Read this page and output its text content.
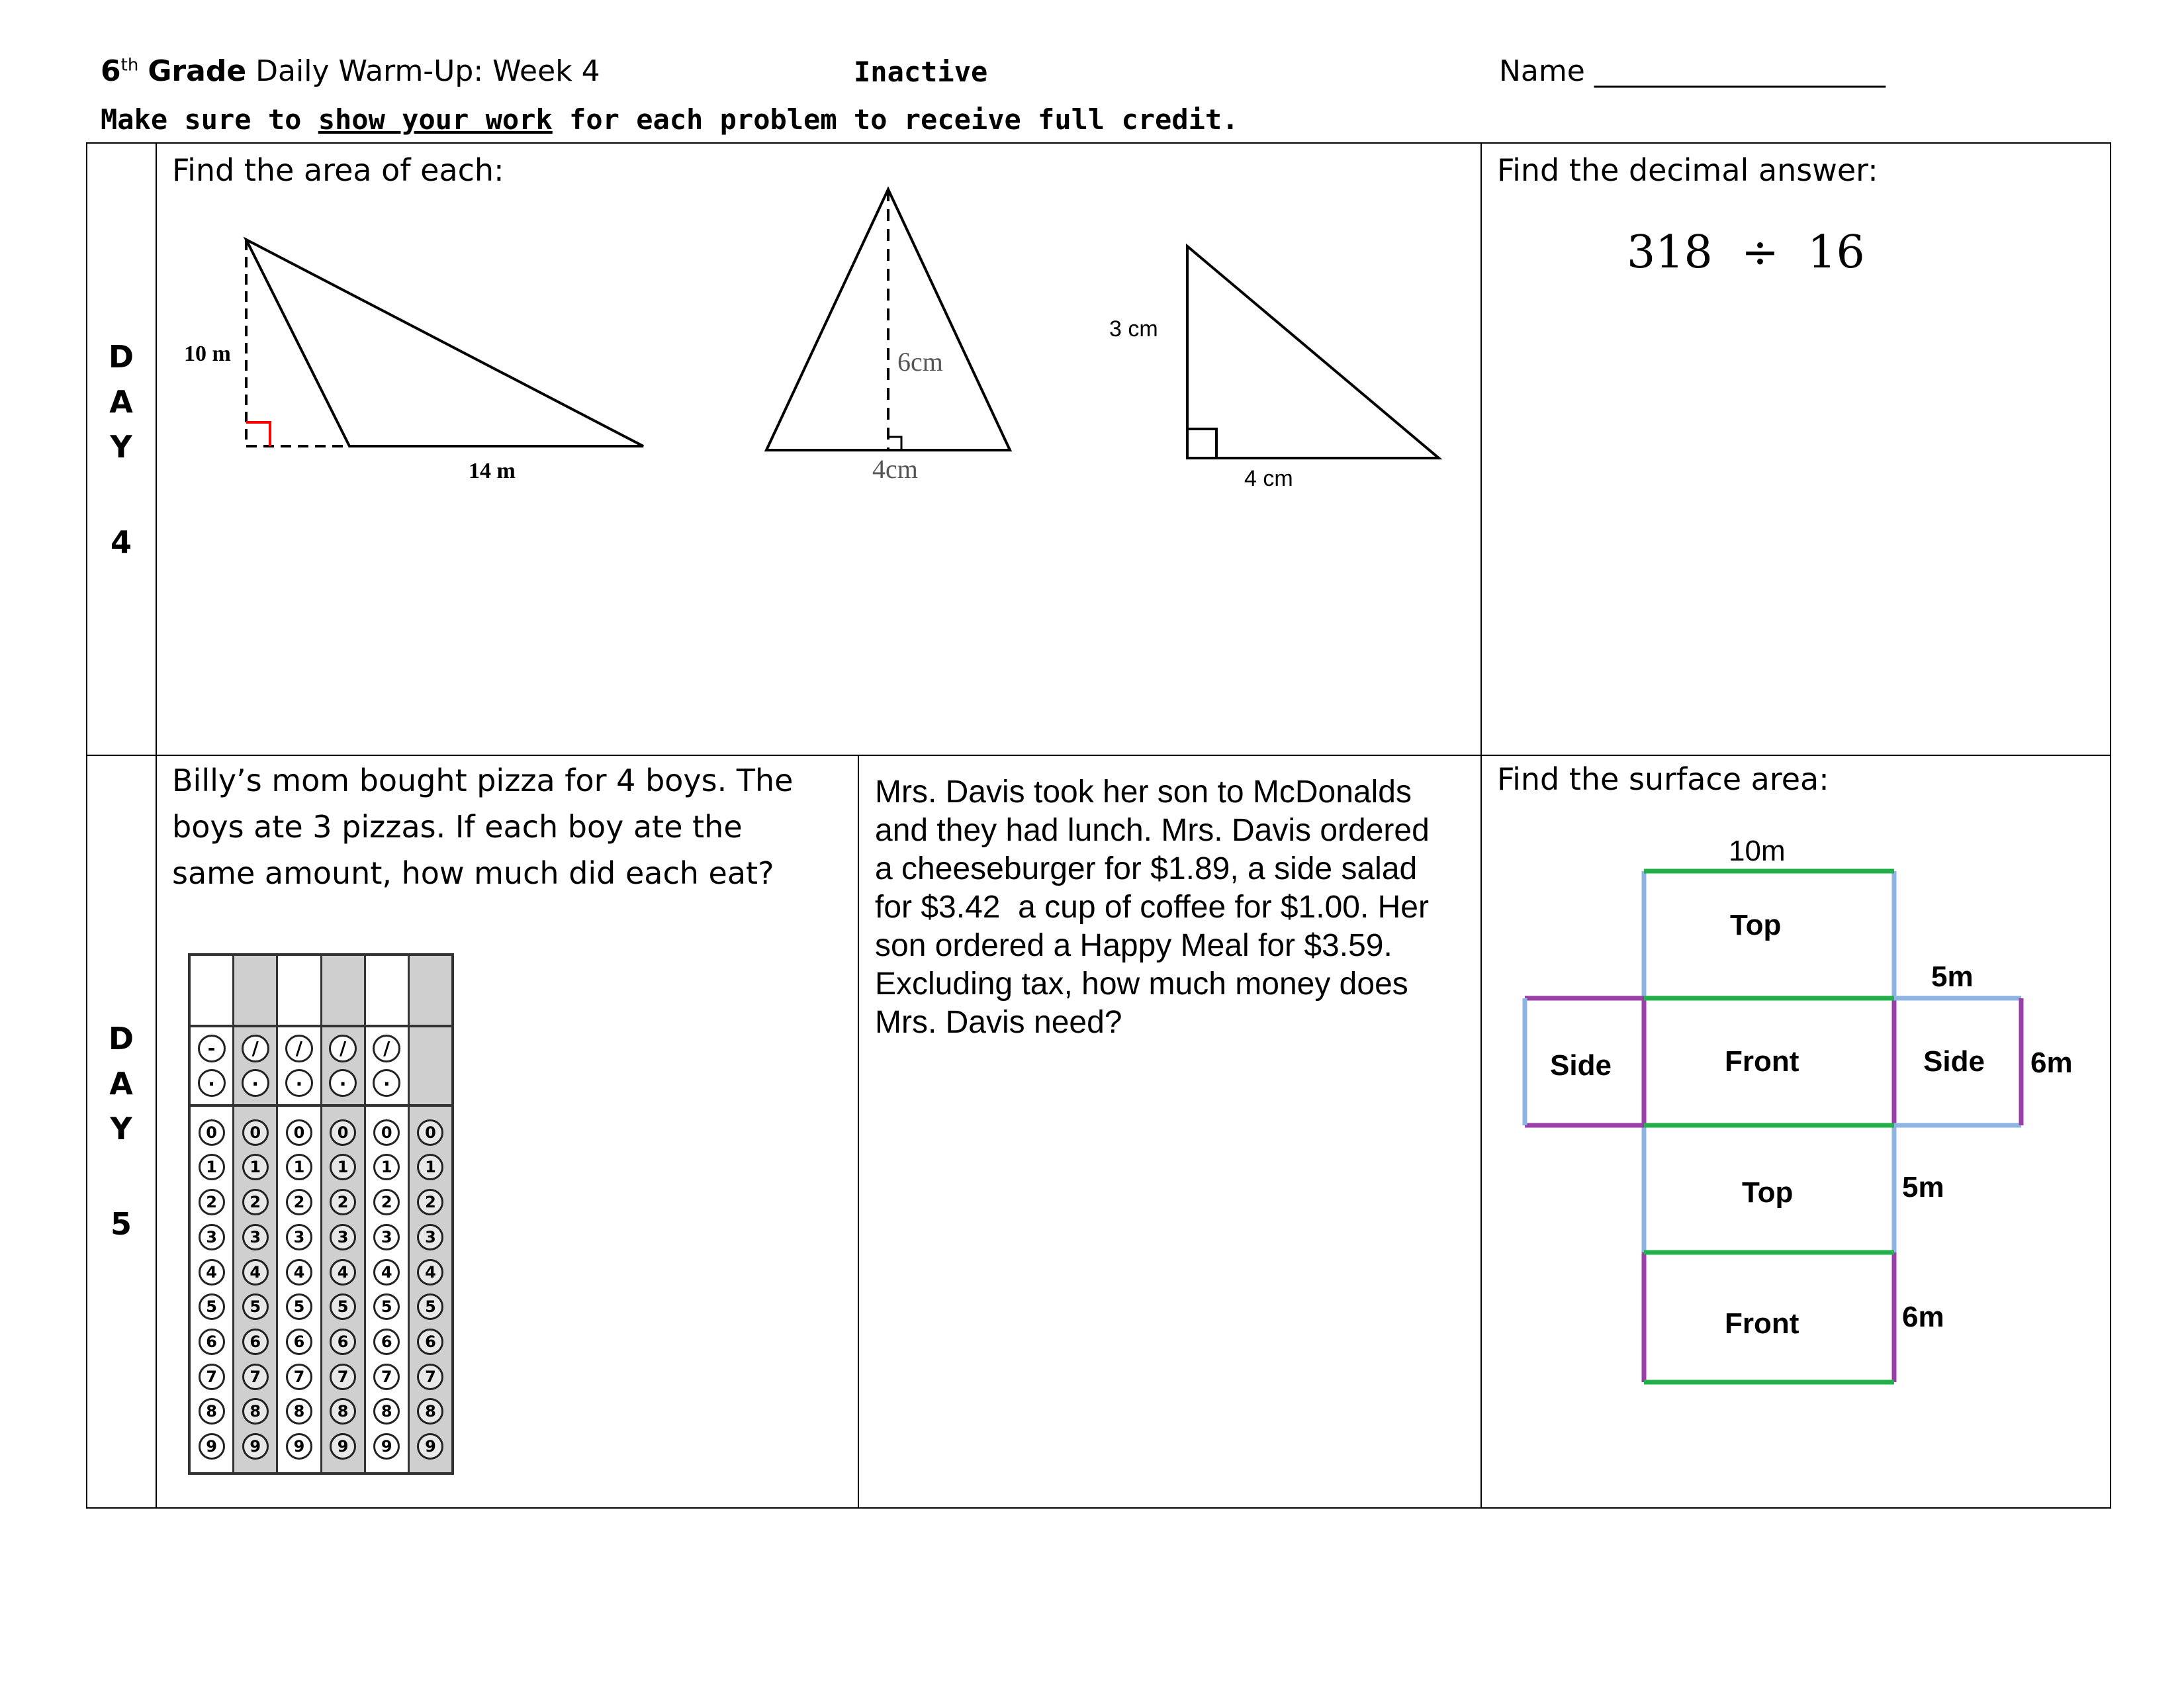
6th Grade Daily Warm-Up: Week 4	Inactive	Name ____________________
Make sure to show your work for each problem to receive full credit.
D
A
Y
4
Find the area of each:
10 m
14 m
6cm
4cm
3 cm
4 cm
Find the decimal answer:
318  ÷  16
D
A
Y
5
Billy’s mom bought pizza for 4 boys. The
boys ate 3 pizzas. If each boy ate the
same amount, how much did each eat?
-
.
0
1
2
3
4
5
6
7
8
9
/
.
0
1
2
3
4
5
6
7
8
9
/
.
0
1
2
3
4
5
6
7
8
9
/
.
0
1
2
3
4
5
6
7
8
9
/
.
0
1
2
3
4
5
6
7
8
9
0
1
2
3
4
5
6
7
8
9
Mrs. Davis took her son to McDonalds
and they had lunch. Mrs. Davis ordered
a cheeseburger for $1.89, a side salad
for $3.42  a cup of coffee for $1.00. Her
son ordered a Happy Meal for $3.59.
Excluding tax, how much money does
Mrs. Davis need?
Find the surface area:
10m
5m
6m
5m
6m
Top
Front
Side	Side
Top
Front
